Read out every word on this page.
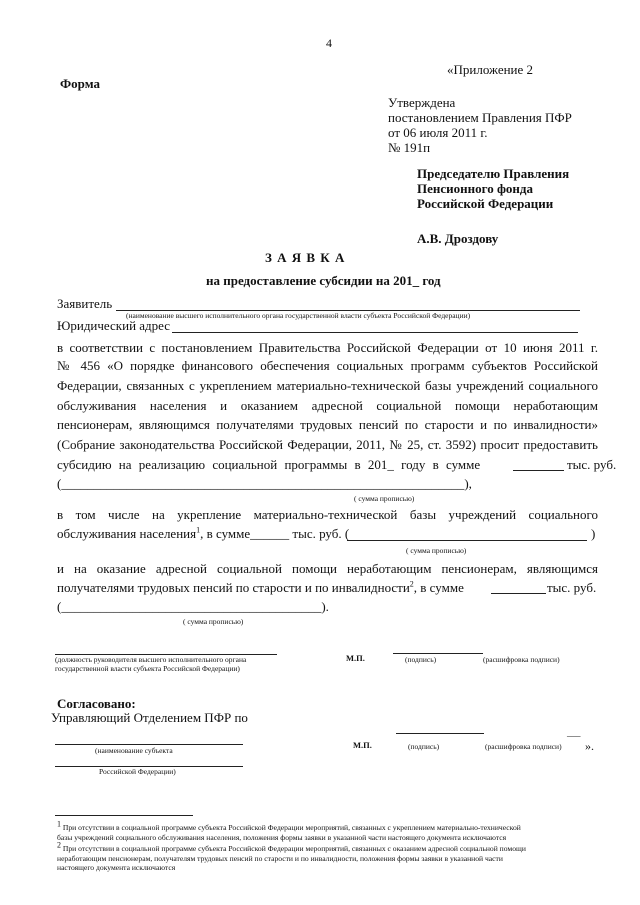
4
«Приложение 2
Форма
Утверждена
постановлением Правления ПФР
от 06 июля 2011 г.
№ 191п
Председателю Правления
Пенсионного фонда
Российской Федерации
А.В. Дроздову
З А Я В К А
на предоставление субсидии на 201_ год
Заявитель
(наименование высшего исполнительного органа государственной власти субъекта Российской Федерации)
Юридический адрес
в соответствии с постановлением Правительства Российской Федерации от 10 июня 2011 г.
№ 456 «О порядке финансового обеспечения социальных программ субъектов Российской
Федерации, связанных с укреплением материально-технической базы учреждений социального
обслуживания населения и оказанием адресной социальной помощи неработающим
пенсионерам, являющимся получателями трудовых пенсий по старости и по инвалидности»
(Собрание законодательства Российской Федерации, 2011, № 25, ст. 3592) просит предоставить
субсидию на реализацию социальной программы в 201_ году в сумме	тыс. руб.
(______________________________________________________________),
( сумма прописью)
в том числе на укрепление материально-технической базы учреждений социального
обслуживания населения$^1$, в сумме______ тыс. руб. (	)
( сумма прописью)
и на оказание адресной социальной помощи неработающим пенсионерам, являющимся
получателями трудовых пенсий по старости и по инвалидности$^2$, в сумме	тыс. руб.
(________________________________________).
( сумма прописью)
(должность руководителя высшего исполнительного органа
государственной власти субъекта Российской Федерации)
М.П.	(подпись)	(расшифровка подписи)
Согласовано:
Управляющий Отделением ПФР по
(наименование субъекта
Российской Федерации)
М.П.	(подпись)	(расшифровка подписи)
___
».
$^1$ При отсутствии в социальной программе субъекта Российской Федерации мероприятий, связанных с укреплением материально-технической
базы учреждений социального обслуживания населения, положения формы заявки в указанной части настоящего документа исключаются
$^2$ При отсутствии в социальной программе субъекта Российской Федерации мероприятий, связанных с оказанием адресной социальной помощи
неработающим пенсионерам, получателям трудовых пенсий по старости и по инвалидности, положения формы заявки в указанной части
настоящего документа исключаются
